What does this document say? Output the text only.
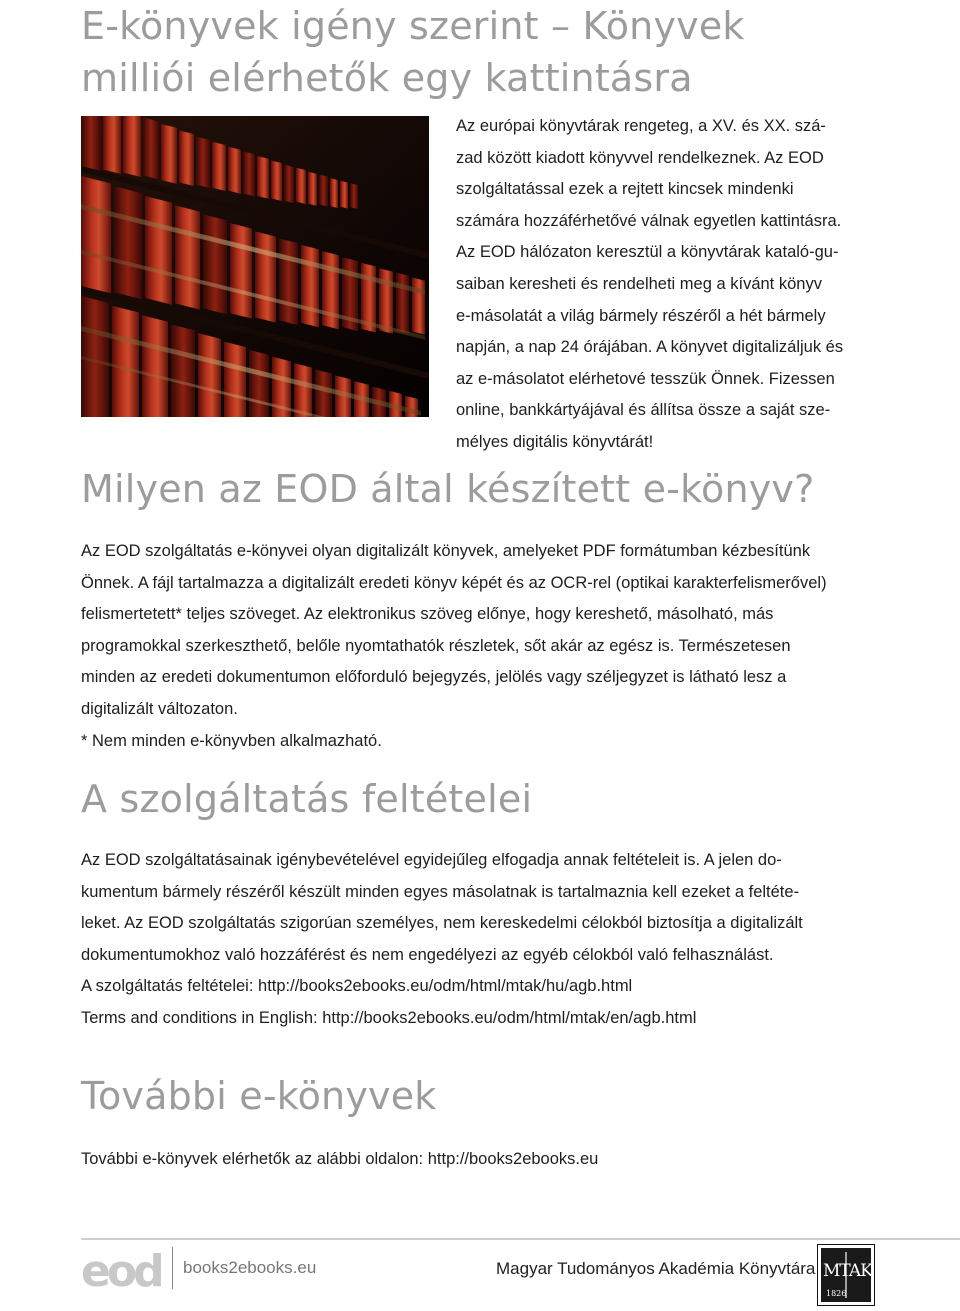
E-könyvek igény szerint – Könyvek
milliói elérhetők egy kattintásra

Az európai könyvtárak rengeteg, a XV. és XX. szá-
zad között kiadott könyvvel rendelkeznek. Az EOD
szolgáltatással ezek a rejtett kincsek mindenki
számára hozzáférhetővé válnak egyetlen kattintásra.
Az EOD hálózaton keresztül a könyvtárak kataló-gu-
saiban keresheti és rendelheti meg a kívánt könyv
e-másolatát a világ bármely részéről a hét bármely
napján, a nap 24 órájában. A könyvet digitalizáljuk és
az e-másolatot elérhetové tesszük Önnek. Fizessen
online, bankkártyájával és állítsa össze a saját sze-
mélyes digitális könyvtárát!

Milyen az EOD által készített e-könyv?

Az EOD szolgáltatás e-könyvei olyan digitalizált könyvek, amelyeket PDF formátumban kézbesítünk
Önnek. A fájl tartalmazza a digitalizált eredeti könyv képét és az OCR-rel (optikai karakterfelismerővel)
felismertetett* teljes szöveget. Az elektronikus szöveg előnye, hogy kereshető, másolható, más
programokkal szerkeszthető, belőle nyomtathatók részletek, sőt akár az egész is. Természetesen
minden az eredeti dokumentumon előforduló bejegyzés, jelölés vagy széljegyzet is látható lesz a
digitalizált változaton.
* Nem minden e-könyvben alkalmazható.

A szolgáltatás feltételei

Az EOD szolgáltatásainak igénybevételével egyidejűleg elfogadja annak feltételeit is. A jelen do-
kumentum bármely részéről készült minden egyes másolatnak is tartalmaznia kell ezeket a feltéte-
leket. Az EOD szolgáltatás szigorúan személyes, nem kereskedelmi célokból biztosítja a digitalizált
dokumentumokhoz való hozzáférést és nem engedélyezi az egyéb célokból való felhasználást.
A szolgáltatás feltételei: http://books2ebooks.eu/odm/html/mtak/hu/agb.html
Terms and conditions in English: http://books2ebooks.eu/odm/html/mtak/en/agb.html

További e-könyvek

További e-könyvek elérhetők az alábbi oldalon: http://books2ebooks.eu

eod books2ebooks.eu	Magyar Tudományos Akadémia Könyvtára MTAK
1826
